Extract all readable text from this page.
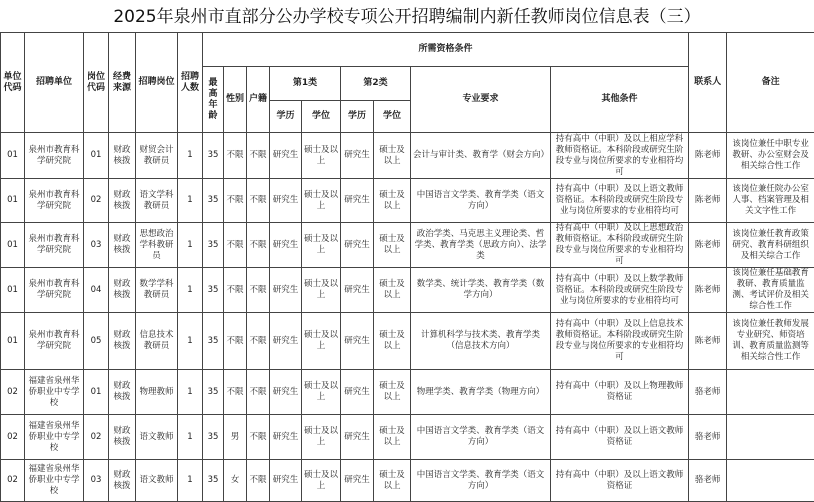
2025年泉州市直部分公办学校专项公开招聘编制内新任教师岗位信息表（三）
单位代码	招聘单位	岗位代码	经费来源	招聘岗位	招聘人数	所需资格条件									联系人	备注
						最高年龄	性别	户籍	第1类		第2类		专业要求	其他条件		
									学历	学位	学历	学位				
01	泉州市教育科学研究院	01	财政核拨	财贸会计教研员	1	35	不限	不限	研究生	硕士及以上	研究生	硕士及以上	会计与审计类、教育学（财会方向）	持有高中（中职）及以上相应学科教师资格证。本科阶段或研究生阶段专业与岗位所要求的专业相符均可	陈老师	该岗位兼任中职专业教研、办公室财会及相关综合性工作
01	泉州市教育科学研究院	02	财政核拨	语文学科教研员	1	35	不限	不限	研究生	硕士及以上	研究生	硕士及以上	中国语言文学类、教育学类（语文方向）	持有高中（中职）及以上语文教师资格证。本科阶段或研究生阶段专业与岗位所要求的专业相符均可	陈老师	该岗位兼任院办公室人事、档案管理及相关文字性工作
01	泉州市教育科学研究院	03	财政核拨	思想政治学科教研员	1	35	不限	不限	研究生	硕士及以上	研究生	硕士及以上	政治学类、马克思主义理论类、哲学类、教育学类（思政方向）、法学类	持有高中（中职）及以上思想政治教师资格证。本科阶段或研究生阶段专业与岗位所要求的专业相符均可	陈老师	该岗位兼任教育政策研究、教育科研组织及相关综合工作
01	泉州市教育科学研究院	04	财政核拨	数学学科教研员	1	35	不限	不限	研究生	硕士及以上	研究生	硕士及以上	数学类、统计学类、教育学类（数学方向）	持有高中（中职）及以上数学教师资格证。本科阶段或研究生阶段专业与岗位所要求的专业相符均可	陈老师	该岗位兼任基础教育教研、教育质量监测、考试评价及相关综合性工作
01	泉州市教育科学研究院	05	财政核拨	信息技术教研员	1	35	不限	不限	研究生	硕士及以上	研究生	硕士及以上	计算机科学与技术类、教育学类（信息技术方向）	持有高中（中职）及以上信息技术教师资格证。本科阶段或研究生阶段专业与岗位所要求的专业相符均可	陈老师	该岗位兼任教师发展专业研究、师资培训、教育质量监测等相关综合性工作
02	福建省泉州华侨职业中专学校	01	财政核拨	物理教师	1	35	不限	不限	研究生	硕士及以上	研究生	硕士及以上	物理学类、教育学类（物理方向）	持有高中（中职）及以上物理教师资格证	骆老师	
02	福建省泉州华侨职业中专学校	02	财政核拨	语文教师	1	35	男	不限	研究生	硕士及以上	研究生	硕士及以上	中国语言文学类、教育学类（语文方向）	持有高中（中职）及以上语文教师资格证	骆老师	
02	福建省泉州华侨职业中专学校	03	财政核拨	语文教师	1	35	女	不限	研究生	硕士及以上	研究生	硕士及以上	中国语言文学类、教育学类（语文方向）	持有高中（中职）及以上语文教师资格证	骆老师	
